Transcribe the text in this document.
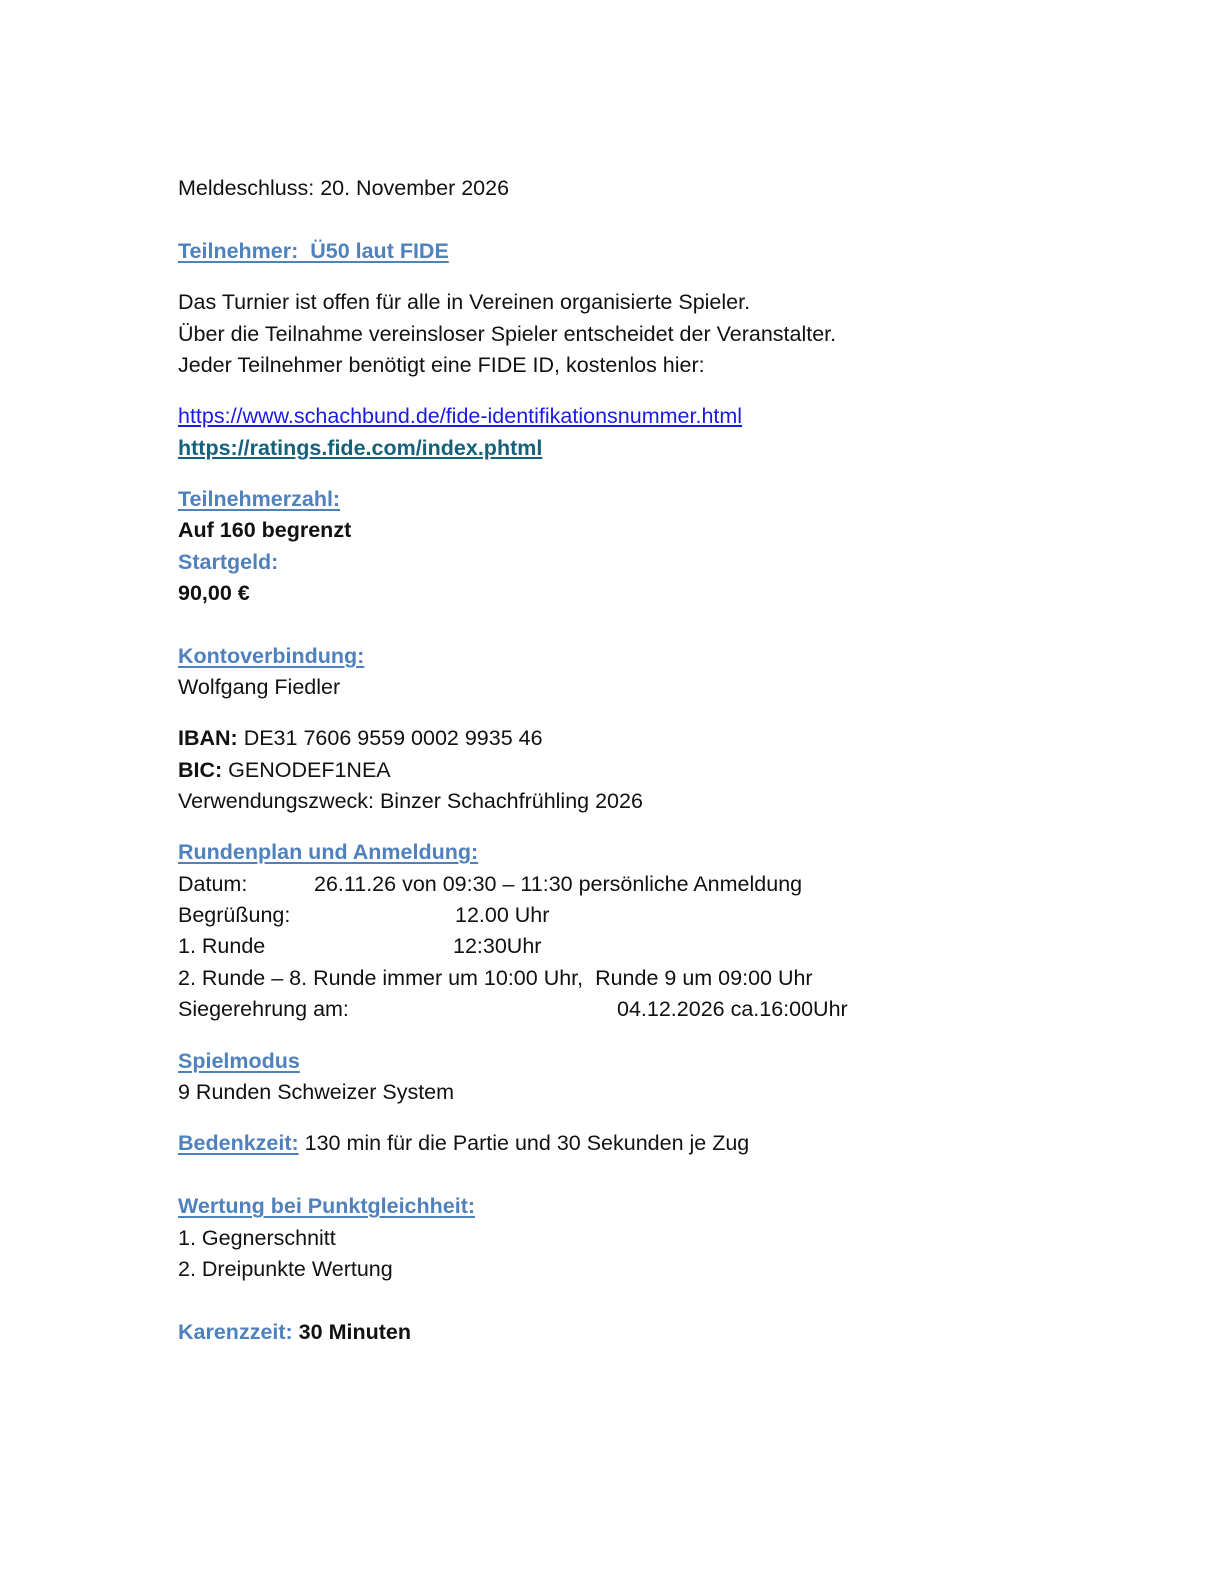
Meldeschluss: 20. November 2026
Teilnehmer:  Ü50 laut FIDE
Das Turnier ist offen für alle in Vereinen organisierte Spieler.
Über die Teilnahme vereinsloser Spieler entscheidet der Veranstalter.
Jeder Teilnehmer benötigt eine FIDE ID, kostenlos hier:
https://www.schachbund.de/fide-identifikationsnummer.html
https://ratings.fide.com/index.phtml
Teilnehmerzahl:
Auf 160 begrenzt
Startgeld:
90,00 €
Kontoverbindung:
Wolfgang Fiedler
IBAN: DE31 7606 9559 0002 9935 46
BIC: GENODEF1NEA
Verwendungszweck: Binzer Schachfrühling 2026
Rundenplan und Anmeldung:
Datum:	26.11.26 von 09:30 – 11:30 persönliche Anmeldung
Begrüßung:	12.00 Uhr
1. Runde	12:30Uhr
2. Runde – 8. Runde immer um 10:00 Uhr,  Runde 9 um 09:00 Uhr
Siegerehrung am:	04.12.2026 ca.16:00Uhr
Spielmodus
9 Runden Schweizer System
Bedenkzeit: 130 min für die Partie und 30 Sekunden je Zug
Wertung bei Punktgleichheit:
1. Gegnerschnitt
2. Dreipunkte Wertung
Karenzzeit: 30 Minuten
